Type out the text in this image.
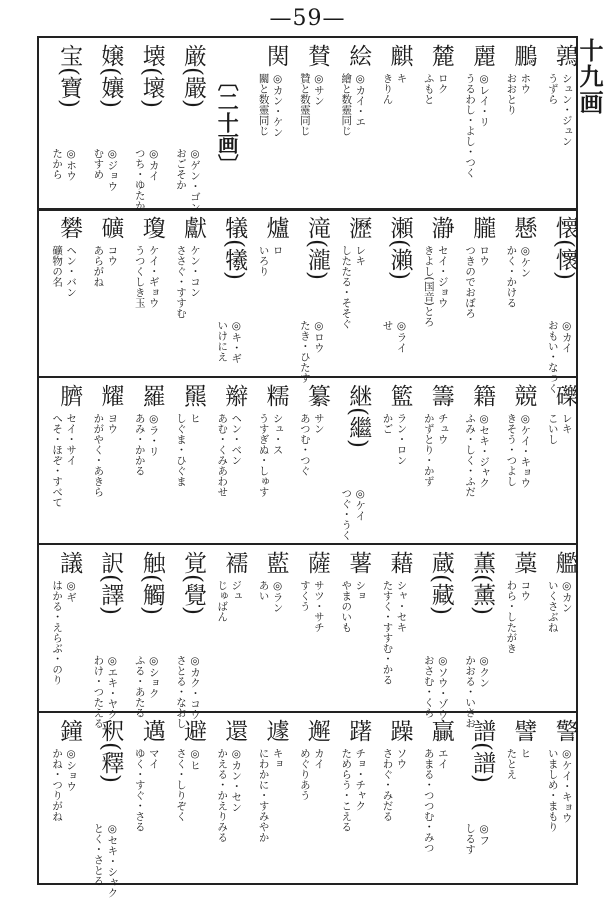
—59—
十九画
鶉
シュン・ジュン
うずら
鵬
ホウ
おおとり
麗
◎レイ・リ
うるわし・よし・つく
麓
ロク
ふもと
麒
キ
きりん
絵
◎カイ・エ
繪と数靈同じ
賛
◎サン
贊と数靈同じ
関
◎カン・ケン
關と数靈同じ
〔二十画〕
厳(嚴)
◎ゲン・ゴン
おごそか
壊(壞)
◎カイ
つち・ゆたか
嬢(孃)
◎ジョウ
むすめ
宝(寶)
◎ホウ
たから
懐(懷)
◎カイ
おもい・なつく
懸
◎ケン
かく・かける
朧
ロウ
つきのでおぼろ
瀞
セイ・ジョウ
きよし(国音)とろ
瀬(瀨)
◎ライ
せ
瀝
レキ
したたる・そそぐ
滝(瀧)
◎ロウ
たき・ひたす
爐
ロ
いろり
犠(犧)
◎キ・ギ
いけにえ
獻
ケン・コン
ささぐ・すすむ
瓊
ケイ・ギョウ
うつくしき玉
礦
コウ
あらがね
礬
ヘン・バン
礦物の名
礫
レキ
こいし
競
◎ケイ・キョウ
きそう・つよし
籍
◎セキ・ジャク
ふみ・しく・ふだ
籌
チュウ
かずとり・かず
籃
ラン・ロン
かご
継(繼)
◎ケイ
つぐ・うく
纂
サン
あつむ・つぐ
糯
シュ・ス
うすぎぬ・しゅす
辮
ヘン・ベン
あむ・くみあわせ
羆
ヒ
しぐま・ひぐま
羅
◎ラ・リ
あみ・かかる
耀
ヨウ
かがやく・あきら
臍
セイ・サイ
へそ・ほぞ・すべて
艦
◎カン
いくさぶね
藁
コウ
わら・したがき
薫(薰)
◎クン
かおる・いさお
蔵(藏)
◎ソウ・ゾウ
おさむ・くら
藉
シャ・セキ
たすく・すすむ・かる
薯
ショ
やまのいも
薩
サツ・サチ
すくう
藍
◎ラン
あい
襦
ジュ
じゅばん
覚(覺)
◎カク・コウ
さとる・なおし
触(觸)
◎ショク
ふる・あたる
訳(譯)
◎エキ・ヤク
わけ・つたえる
議
◎ギ
はかる・えらぶ・のり
警
◎ケイ・キョウ
いましめ・まもり
譬
ヒ
たとえ
譜(譜)
◎フ
しるす
贏
エイ
あまる・つつむ・みつ
躁
ソウ
さわぐ・みだる
躇
チョ・チャク
ためらう・こえる
邂
カイ
めぐりあう
遽
キョ
にわかに・すみやか
還
◎カン・セン
かえる・かえりみる
避
◎ヒ
さく・しりぞく
邁
マイ
ゆく・すぐ・さる
釈(釋)
◎セキ・シャク
とく・さとる
鐘
◎ショウ
かね・つりがね
